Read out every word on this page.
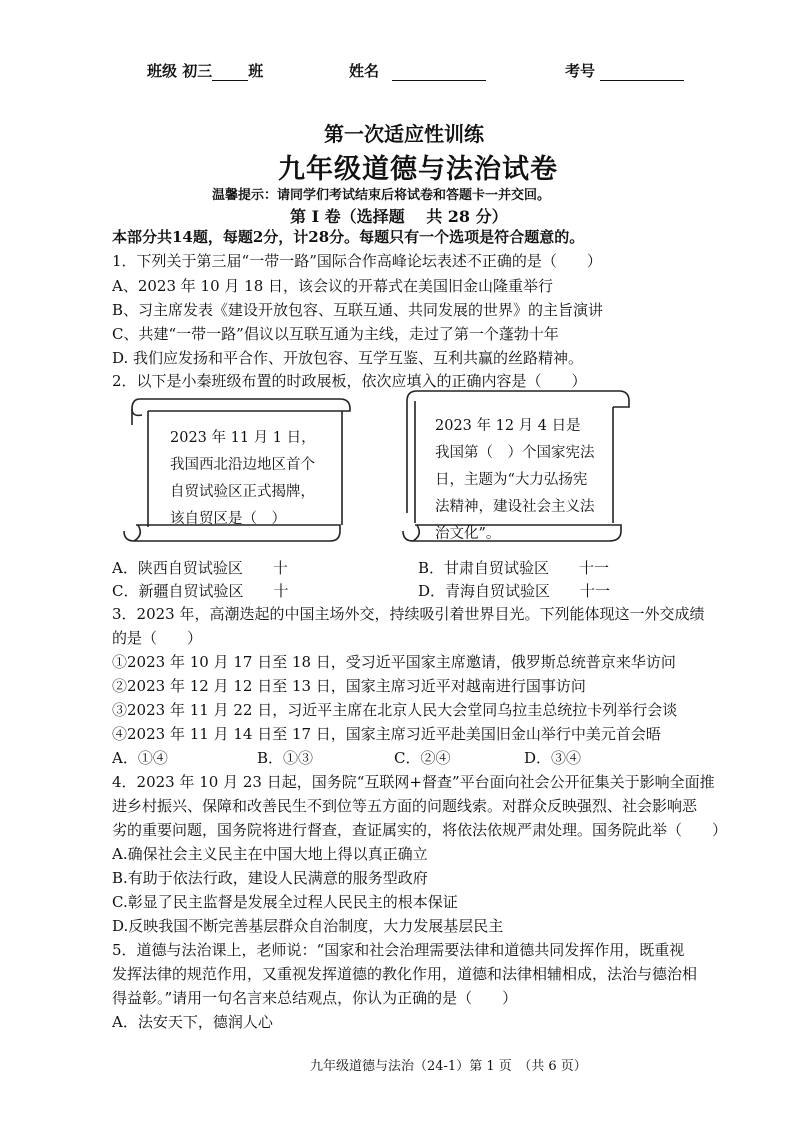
班级 初三 班	姓名	考号
第一次适应性训练
九年级道德与法治试卷
温馨提示：请同学们考试结束后将试卷和答题卡一并交回。
第 Ⅰ 卷（选择题　 共 28 分）
本部分共14题，每题2分，计28分。每题只有一个选项是符合题意的。
1．下列关于第三届“一带一路”国际合作高峰论坛表述不正确的是（　　）
A、2023 年 10 月 18 日，该会议的开幕式在美国旧金山隆重举行
B、习主席发表《建设开放包容、互联互通、共同发展的世界》的主旨演讲
C、共建“一带一路”倡议以互联互通为主线，走过了第一个蓬勃十年
D. 我们应发扬和平合作、开放包容、互学互鉴、互利共赢的丝路精神。
2．以下是小秦班级布置的时政展板，依次应填入的正确内容是（　　）
2023 年 11 月 1 日，我国西北沿边地区首个自贸试验区正式揭牌，该自贸区是（　）
2023 年 12 月 4 日是我国第（　）个国家宪法日，主题为“大力弘扬宪法精神，建设社会主义法治文化”。
A．陕西自贸试验区　　十	B．甘肃自贸试验区　　十一
C．新疆自贸试验区　　十	D．青海自贸试验区　　十一
3．2023 年，高潮迭起的中国主场外交，持续吸引着世界目光。下列能体现这一外交成绩
的是（　　）
①2023 年 10 月 17 日至 18 日，受习近平国家主席邀请，俄罗斯总统普京来华访问
②2023 年 12 月 12 日至 13 日，国家主席习近平对越南进行国事访问
③2023 年 11 月 22 日，习近平主席在北京人民大会堂同乌拉圭总统拉卡列举行会谈
④2023 年 11 月 14 日至 17 日，国家主席习近平赴美国旧金山举行中美元首会晤
A．①④	B．①③	C．②④	D．③④
4．2023 年 10 月 23 日起，国务院“互联网+督查”平台面向社会公开征集关于影响全面推
进乡村振兴、保障和改善民生不到位等五方面的问题线索。对群众反映强烈、社会影响恶
劣的重要问题，国务院将进行督查，查证属实的，将依法依规严肃处理。国务院此举（　　）
A.确保社会主义民主在中国大地上得以真正确立
B.有助于依法行政，建设人民满意的服务型政府
C.彰显了民主监督是发展全过程人民民主的根本保证
D.反映我国不断完善基层群众自治制度，大力发展基层民主
5．道德与法治课上，老师说：“国家和社会治理需要法律和道德共同发挥作用，既重视
发挥法律的规范作用，又重视发挥道德的教化作用，道德和法律相辅相成，法治与德治相
得益彰。”请用一句名言来总结观点，你认为正确的是（　　）
A．法安天下，德润人心
九年级道德与法治（24-1）第 1 页　（共 6 页）
